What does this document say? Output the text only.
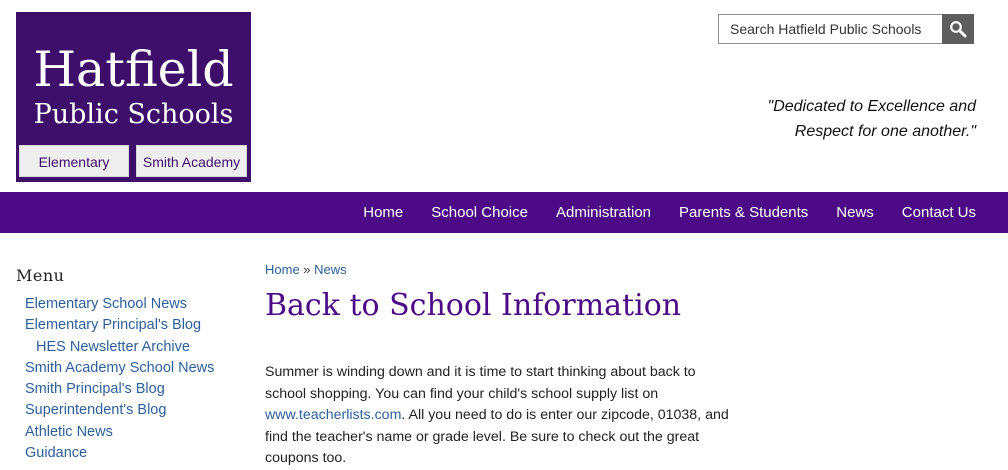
Hatfield
Public Schools
Elementary	Smith Academy
Search Hatfield Public Schools
"Dedicated to Excellence and
Respect for one another."
Home	School Choice	Administration	Parents & Students	News	Contact Us
Menu
Elementary School News
Elementary Principal's Blog
HES Newsletter Archive
Smith Academy School News
Smith Principal's Blog
Superintendent's Blog
Athletic News
Guidance
Home » News
Back to School Information

Summer is winding down and it is time to start thinking about back to school shopping. You can find your child's school supply list on www.teacherlists.com. All you need to do is enter our zipcode, 01038, and find the teacher's name or grade level. Be sure to check out the great coupons too.
